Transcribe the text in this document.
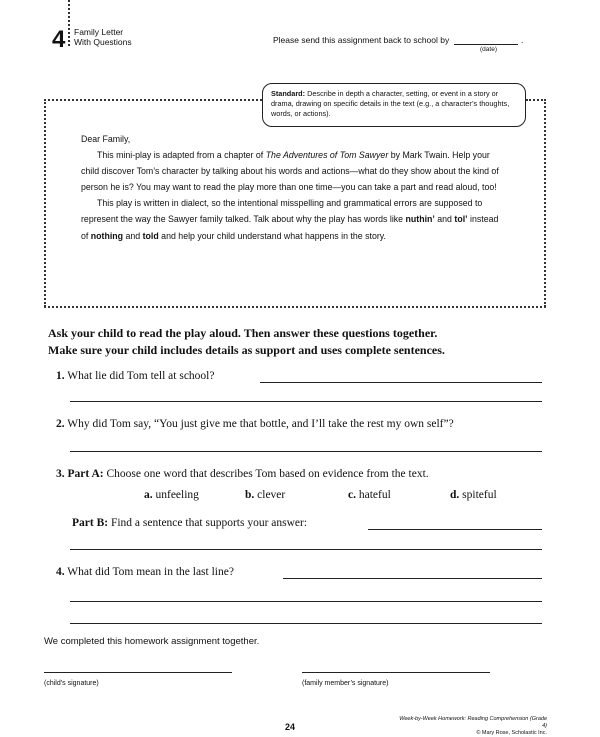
4 Family Letter
With Questions	Please send this assignment back to school by	.
(date)
Standard: Describe in depth a character, setting, or event in a story or drama, drawing on specific details in the text (e.g., a character’s thoughts, words, or actions).

Dear Family,

This mini-play is adapted from a chapter of The Adventures of Tom Sawyer by Mark Twain. Help your child discover Tom’s character by talking about his words and actions—what do they show about the kind of person he is? You may want to read the play more than one time—you can take a part and read aloud, too!

This play is written in dialect, so the intentional misspelling and grammatical errors are supposed to represent the way the Sawyer family talked. Talk about why the play has words like nuthin’ and tol’ instead of nothing and told and help your child understand what happens in the story.

Ask your child to read the play aloud. Then answer these questions together.
Make sure your child includes details as support and uses complete sentences.
1. What lie did Tom tell at school?
2. Why did Tom say, “You just give me that bottle, and I’ll take the rest my own self”?
3. Part A: Choose one word that describes Tom based on evidence from the text.
a. unfeeling	b. clever	c. hateful	d. spiteful
Part B: Find a sentence that supports your answer:
4. What did Tom mean in the last line?
We completed this homework assignment together.
(child’s signature)	(family member’s signature)
24
Week-by-Week Homework: Reading Comprehension (Grade 4)
© Mary Rose, Scholastic Inc.
